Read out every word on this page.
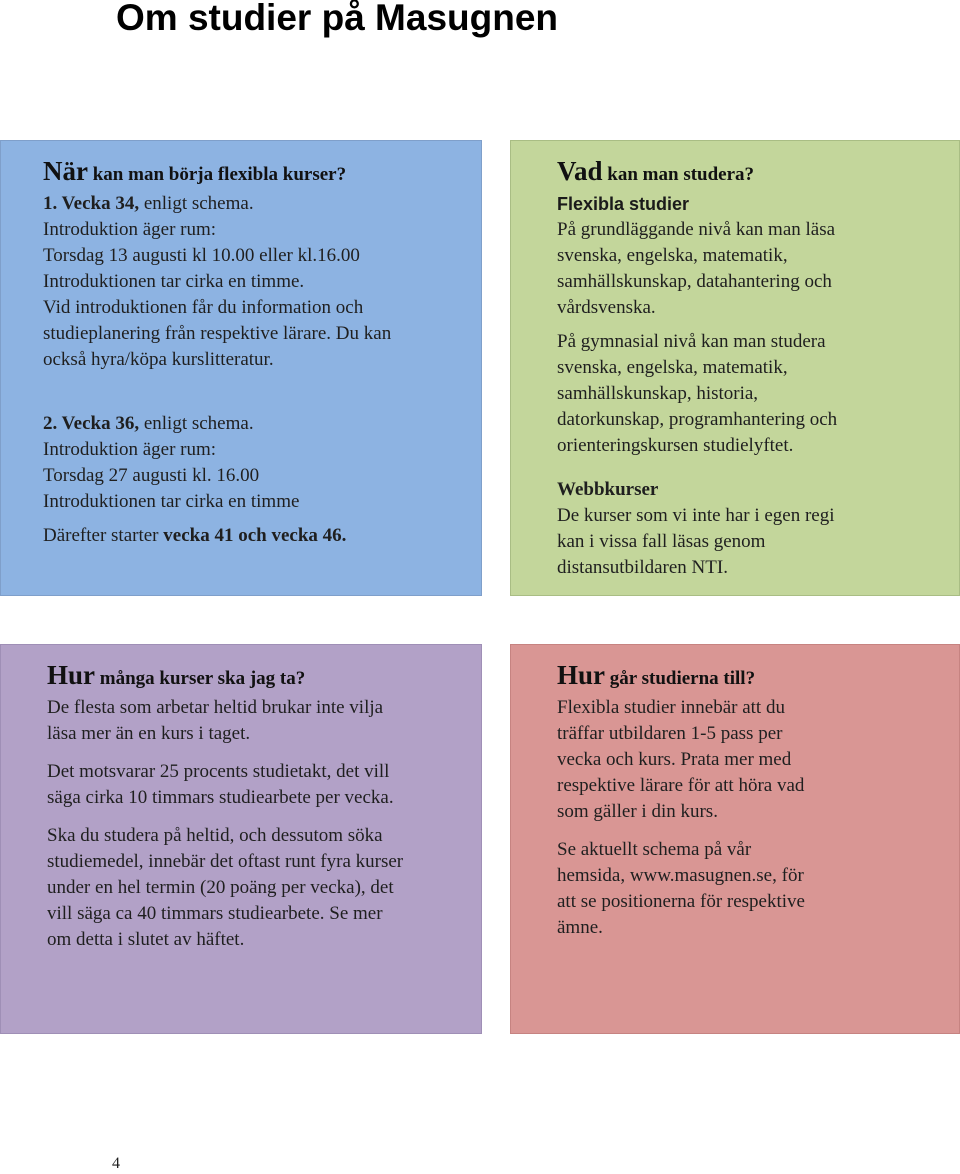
Om studier på Masugnen

När kan man börja flexibla kurser?

1. Vecka 34, enligt schema.

Introduktion äger rum:

Torsdag 13 augusti kl 10.00 eller kl.16.00

Introduktionen tar cirka en timme.

Vid introduktionen får du information och

studieplanering från respektive lärare. Du kan

också hyra/köpa kurslitteratur.

2. Vecka 36, enligt schema.

Introduktion äger rum:

Torsdag 27 augusti kl. 16.00

Introduktionen tar cirka en timme

Därefter starter vecka 41 och vecka 46.

Vad kan man studera?

Flexibla studier

På grundläggande nivå kan man läsa

svenska, engelska, matematik,

samhällskunskap, datahantering och

vårdsvenska.

På gymnasial nivå kan man studera

svenska, engelska, matematik,

samhällskunskap, historia,

datorkunskap, programhantering och

orienteringskursen studielyftet.

Webbkurser

De kurser som vi inte har i egen regi

kan i vissa fall läsas genom

distansutbildaren NTI.

Hur många kurser ska jag ta?

De flesta som arbetar heltid brukar inte vilja

läsa mer än en kurs i taget.

Det motsvarar 25 procents studietakt, det vill

säga cirka 10 timmars studiearbete per vecka.

Ska du studera på heltid, och dessutom söka

studiemedel, innebär det oftast runt fyra kurser

under en hel termin (20 poäng per vecka), det

vill säga ca 40 timmars studiearbete. Se mer

om detta i slutet av häftet.

Hur går studierna till?

Flexibla studier innebär att du

träffar utbildaren 1-5 pass per

vecka och kurs. Prata mer med

respektive lärare för att höra vad

som gäller i din kurs.

Se aktuellt schema på vår

hemsida, www.masugnen.se, för

att se positionerna för respektive

ämne.

4
